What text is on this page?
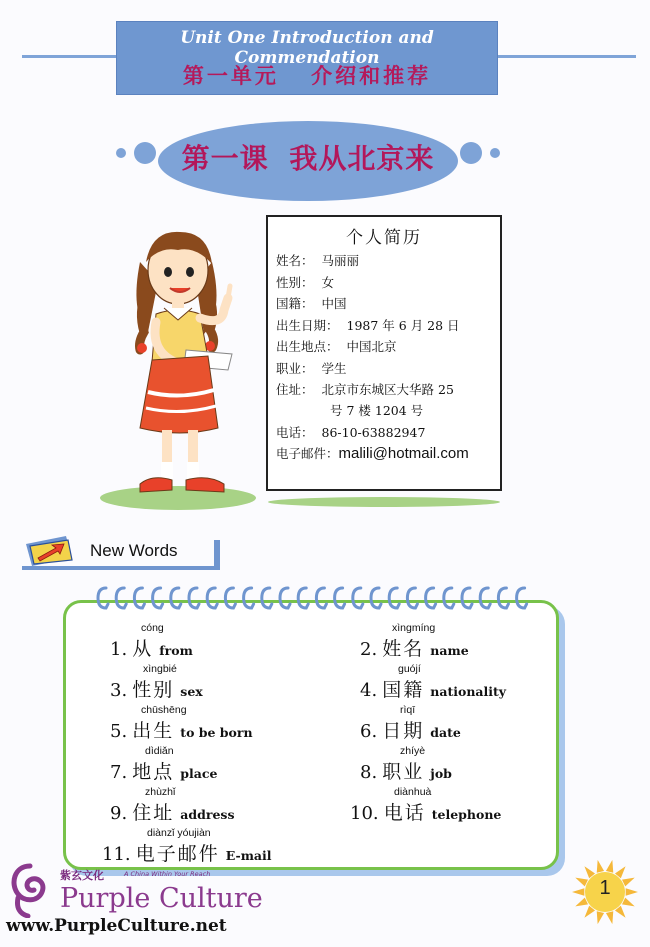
Unit One Introduction and Commendation
第一单元 介绍和推荐
第一课 我从北京来
个人简历
姓名： 马丽丽
性别： 女
国籍： 中国
出生日期： 1987 年 6 月 28 日
出生地点： 中国北京
职业： 学生
住址： 北京市东城区大华路 25
号 7 楼 1204 号
电话： 86-10-63882947
电子邮件：malili@hotmail.com
New Words
cóng
1. 从 from
xìngbié
3. 性别 sex
chūshēng
5. 出生 to be born
dìdiǎn
7. 地点 place
zhùzhǐ
9. 住址 address
diànzǐ yóujiàn
11. 电子邮件 E-mail
xìngmíng
2. 姓名 name
guójí
4. 国籍 nationality
rìqī
6. 日期 date
zhíyè
8. 职业 job
diànhuà
10. 电话 telephone
紫玄文化	A China Within Your Reach
Purple Culture
www.PurpleCulture.net
1
